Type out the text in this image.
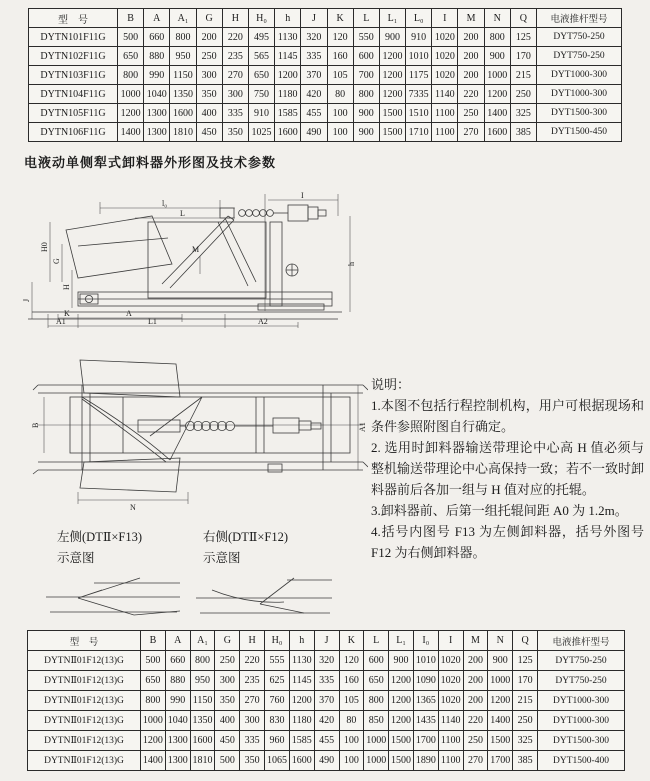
型　号	B	A	A₁	G	H	H₀	h	J	K	L	L₁	L₀	I	M	N	Q	电液推杆型号
DYTN101F11G	500	660	800	200	220	495	1130	320	120	550	900	910	1020	200	800	125	DYT750-250
DYTN102F11G	650	880	950	250	235	565	1145	335	160	600	1200	1010	1020	200	900	170	DYT750-250
DYTN103F11G	800	990	1150	300	270	650	1200	370	105	700	1200	1175	1020	200	1000	215	DYT1000-300
DYTN104F11G	1000	1040	1350	350	300	750	1180	420	80	800	1200	7335	1140	220	1200	250	DYT1000-300
DYTN105F11G	1200	1300	1600	400	335	910	1585	455	100	900	1500	1510	1100	250	1400	325	DYT1500-300
DYTN106F11G	1400	1300	1810	450	350	1025	1600	490	100	900	1500	1710	1100	270	1600	385	DYT1500-450
电液动单侧犁式卸料器外形图及技术参数
l₀
L
I
H0
G
H
J
h
M
K	A
A1	L1	A2
B	A1
N

说明：

1.本图不包括行程控制机构，用户可根据现场和条件参照附图自行确定。

2. 选用时卸料器输送带理论中心高 H 值必须与整机输送带理论中心高保持一致；若不一致时卸料器前后各加一组与 H 值对应的托辊。

3.卸料器前、后第一组托辊间距 A0 为 1.2m。

4.括号内图号 F13 为左侧卸料器，括号外图号 F12 为右侧卸料器。

左侧(DTⅡ×F13)
示意图
右侧(DTⅡ×F12)
示意图
型　号	B	A	A₁	G	H	H₀	h	J	K	L	L₁	I₀	I	M	N	Q	电液推杆型号
DYTNⅡ01F12(13)G	500	660	800	250	220	555	1130	320	120	600	900	1010	1020	200	900	125	DYT750-250
DYTNⅡ01F12(13)G	650	880	950	300	235	625	1145	335	160	650	1200	1090	1020	200	1000	170	DYT750-250
DYTNⅡ01F12(13)G	800	990	1150	350	270	760	1200	370	105	800	1200	1365	1020	200	1200	215	DYT1000-300
DYTNⅡ01F12(13)G	1000	1040	1350	400	300	830	1180	420	80	850	1200	1435	1140	220	1400	250	DYT1000-300
DYTNⅡ01F12(13)G	1200	1300	1600	450	335	960	1585	455	100	1000	1500	1700	1100	250	1500	325	DYT1500-300
DYTNⅡ01F12(13)G	1400	1300	1810	500	350	1065	1600	490	100	1000	1500	1890	1100	270	1700	385	DYT1500-400
